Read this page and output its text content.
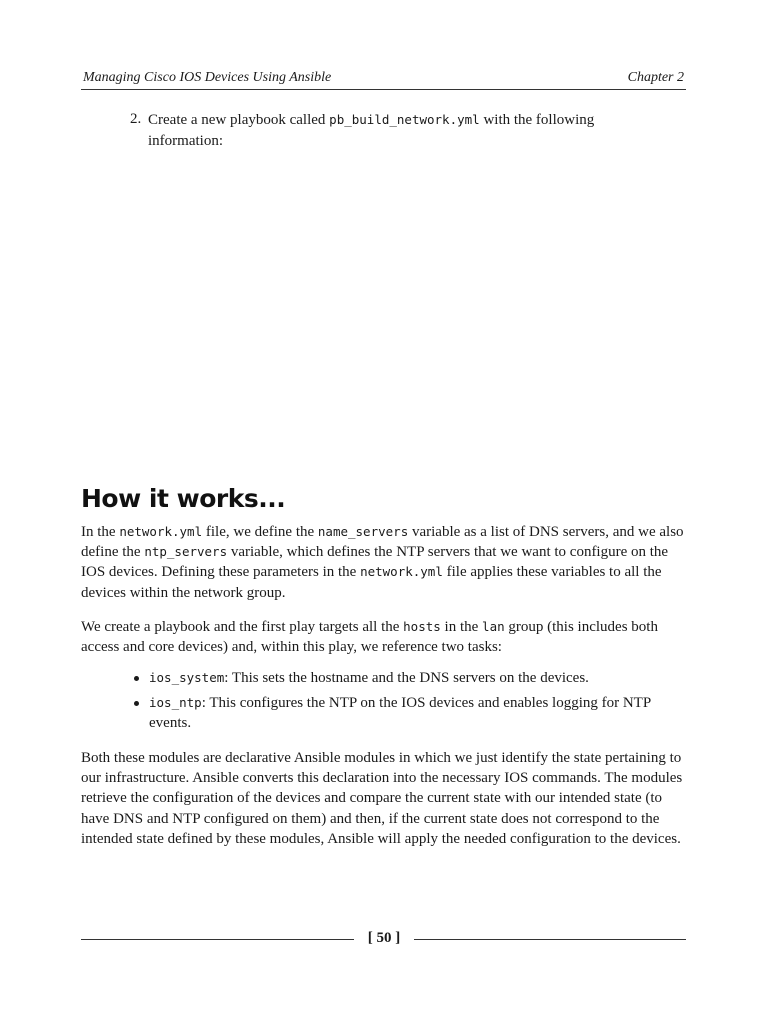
Managing Cisco IOS Devices Using Ansible	Chapter 2
2. Create a new playbook called pb_build_network.yml with the following information:
How it works...

In the network.yml file, we define the name_servers variable as a list of DNS servers, and we also define the ntp_servers variable, which defines the NTP servers that we want to configure on the IOS devices. Defining these parameters in the network.yml file applies these variables to all the devices within the network group.

We create a playbook and the first play targets all the hosts in the lan group (this includes both access and core devices) and, within this play, we reference two tasks:

ios_system: This sets the hostname and the DNS servers on the devices.
ios_ntp: This configures the NTP on the IOS devices and enables logging for NTP events.

Both these modules are declarative Ansible modules in which we just identify the state pertaining to our infrastructure. Ansible converts this declaration into the necessary IOS commands. The modules retrieve the configuration of the devices and compare the current state with our intended state (to have DNS and NTP configured on them) and then, if the current state does not correspond to the intended state defined by these modules, Ansible will apply the needed configuration to the devices.

[ 50 ]
